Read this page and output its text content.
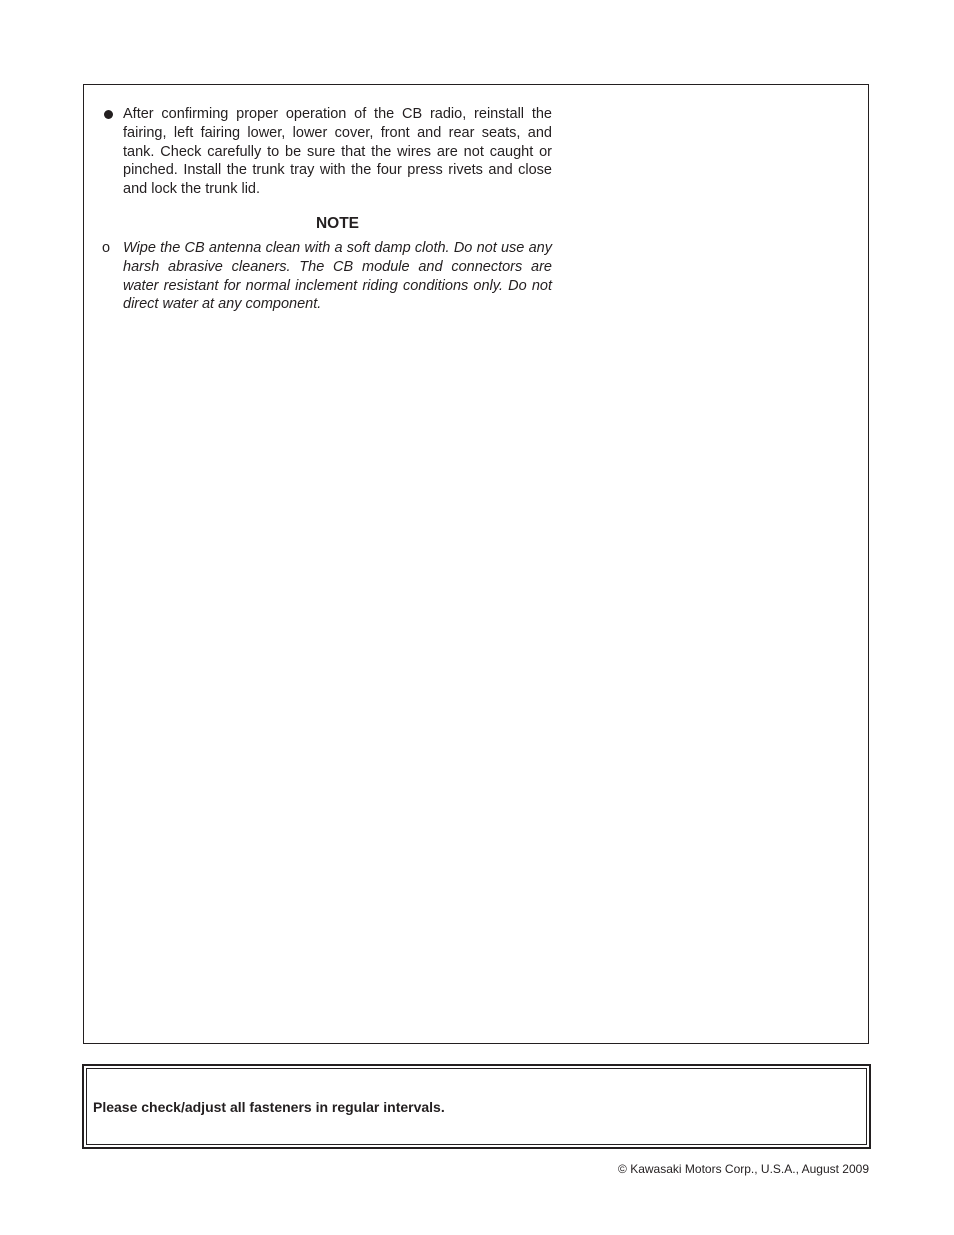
After confirming proper operation of the CB radio, reinstall the fairing, left fairing lower, lower cover, front and rear seats, and tank. Check carefully to be sure that the wires are not caught or pinched. Install the trunk tray with the four press rivets and close and lock the trunk lid.
NOTE
o Wipe the CB antenna clean with a soft damp cloth. Do not use any harsh abrasive cleaners. The CB module and connectors are water resistant for normal inclement riding conditions only. Do not direct water at any component.
Please check/adjust all fasteners in regular intervals.
© Kawasaki Motors Corp., U.S.A., August 2009
